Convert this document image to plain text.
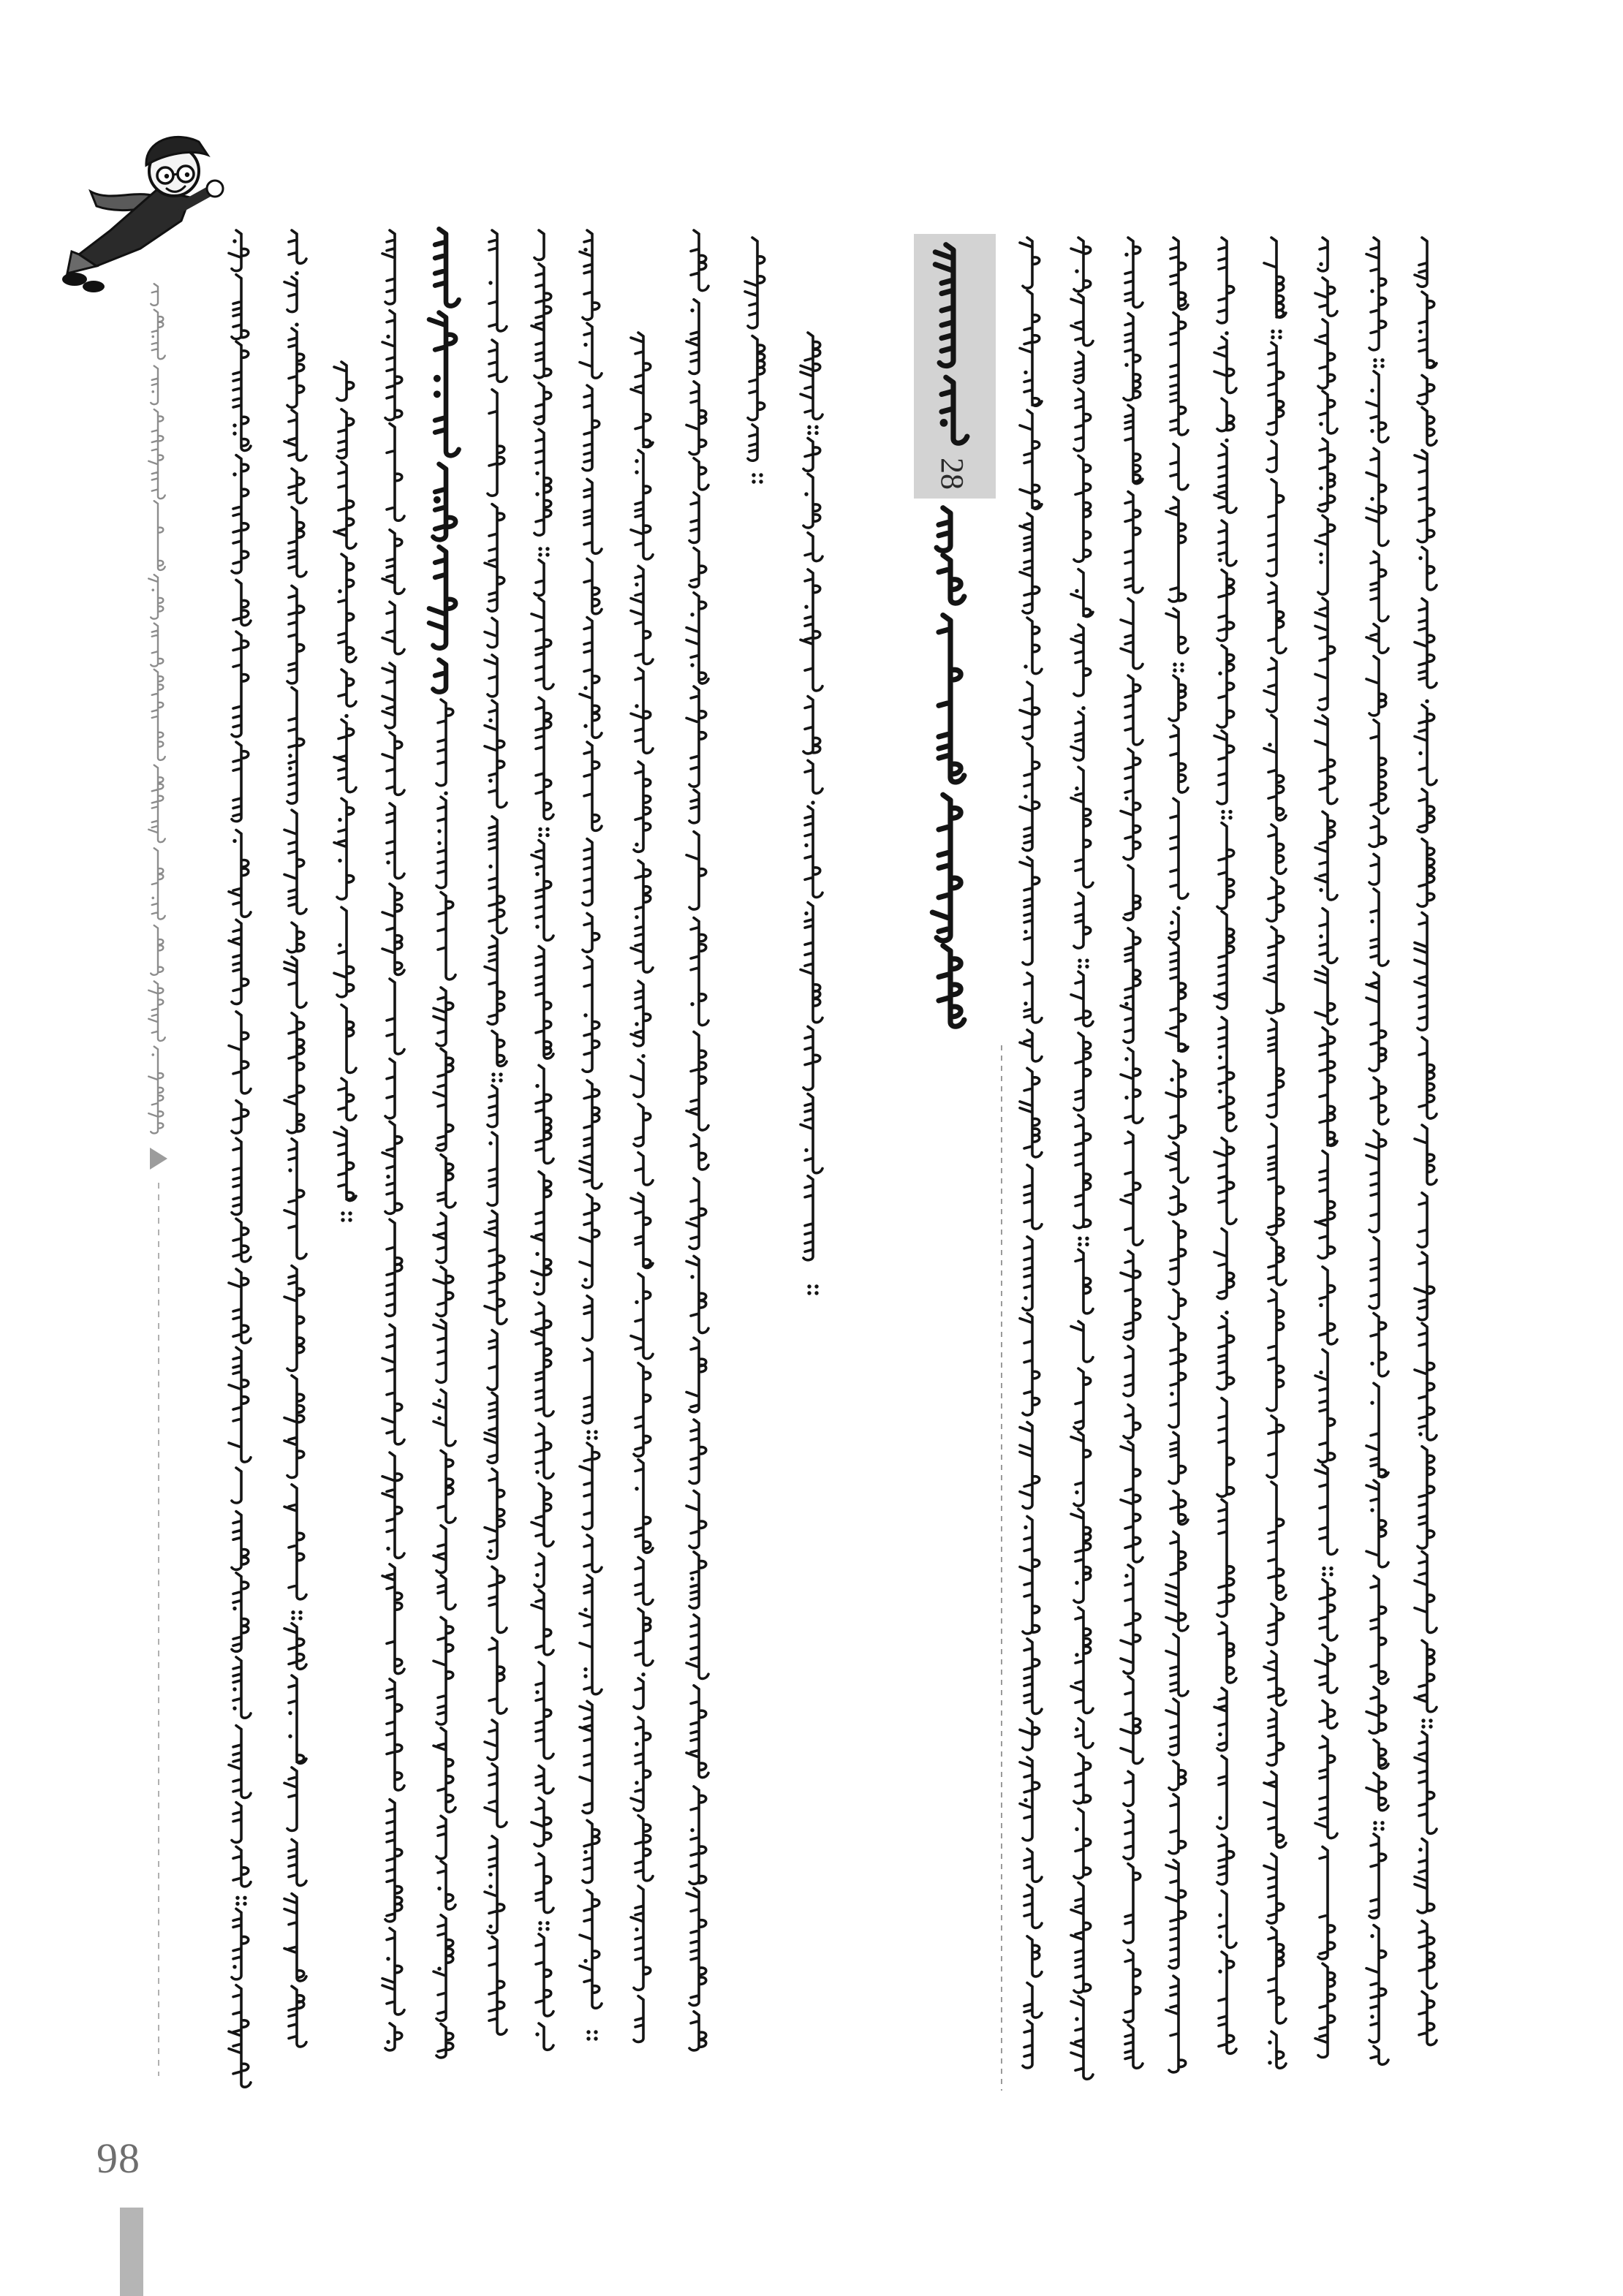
28
98
